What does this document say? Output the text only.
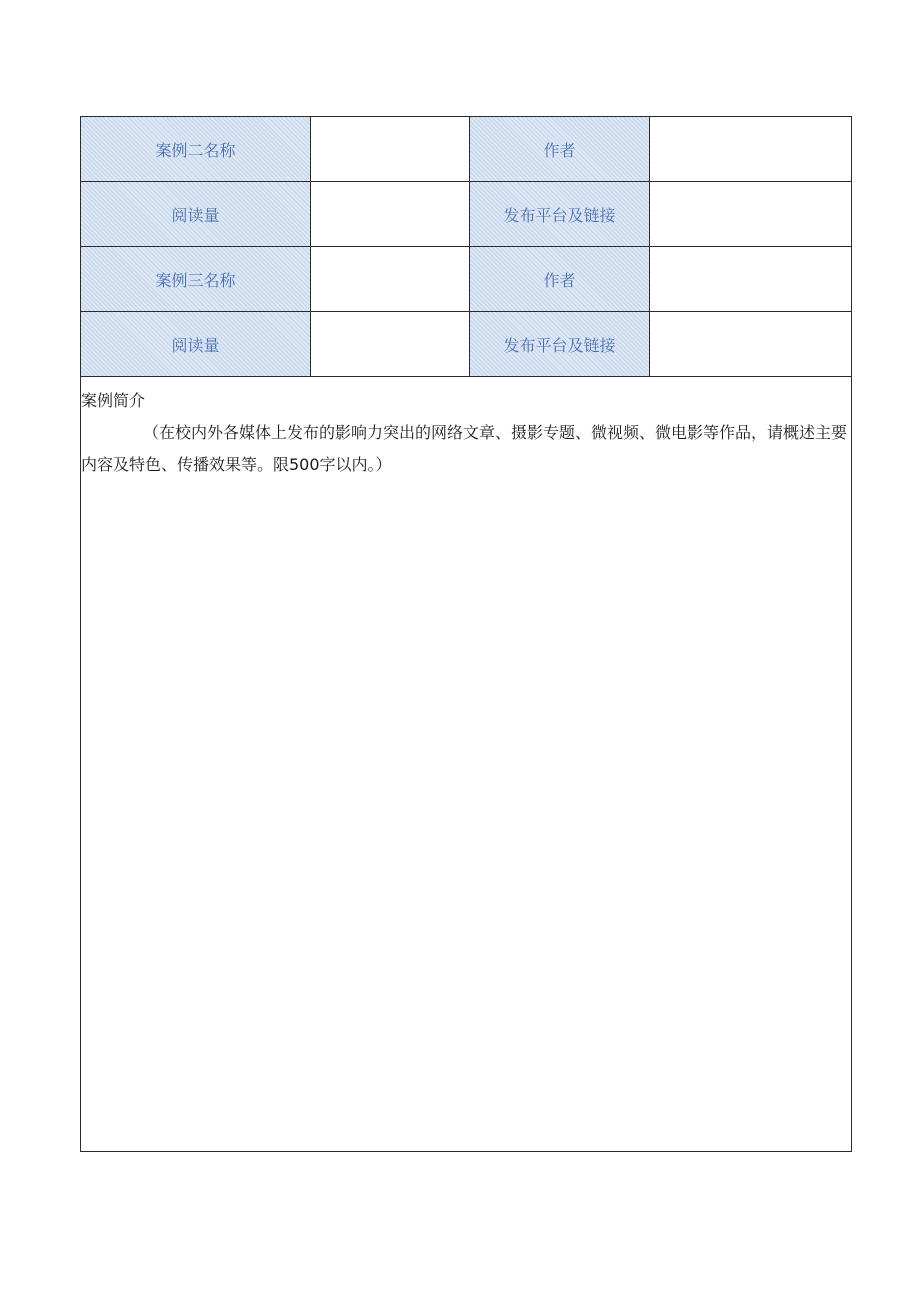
案例二名称		作者	
阅读量		发布平台及链接	
案例三名称		作者	
阅读量		发布平台及链接	

案例简介
（在校内外各媒体上发布的影响力突出的网络文章、摄影专题、微视频、微电影等作品，请概述主要内容及特色、传播效果等。限500字以内。）			
